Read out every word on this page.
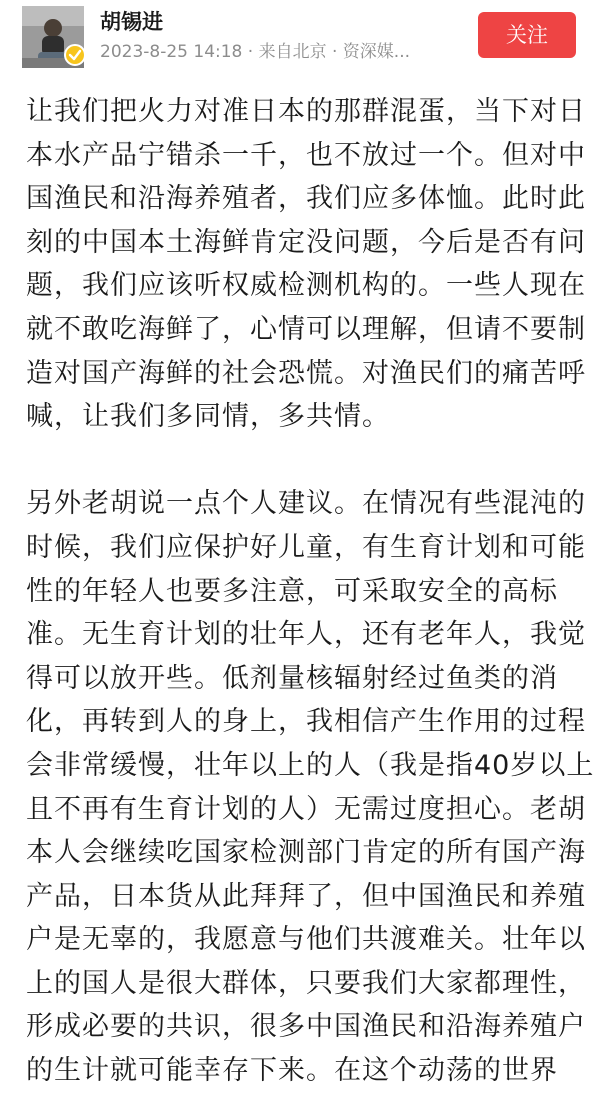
胡锡进
2023-8-25 14:18 · 来自北京 · 资深媒...
关注

让我们把火力对准日本的那群混蛋，当下对日
本水产品宁错杀一千，也不放过一个。但对中
国渔民和沿海养殖者，我们应多体恤。此时此
刻的中国本土海鲜肯定没问题，今后是否有问
题，我们应该听权威检测机构的。一些人现在
就不敢吃海鲜了，心情可以理解，但请不要制
造对国产海鲜的社会恐慌。对渔民们的痛苦呼
喊，让我们多同情，多共情。

另外老胡说一点个人建议。在情况有些混沌的
时候，我们应保护好儿童，有生育计划和可能
性的年轻人也要多注意，可采取安全的高标
准。无生育计划的壮年人，还有老年人，我觉
得可以放开些。低剂量核辐射经过鱼类的消
化，再转到人的身上，我相信产生作用的过程
会非常缓慢，壮年以上的人（我是指40岁以上
且不再有生育计划的人）无需过度担心。老胡
本人会继续吃国家检测部门肯定的所有国产海
产品，日本货从此拜拜了，但中国渔民和养殖
户是无辜的，我愿意与他们共渡难关。壮年以
上的国人是很大群体，只要我们大家都理性，
形成必要的共识，很多中国渔民和沿海养殖户
的生计就可能幸存下来。在这个动荡的世界
